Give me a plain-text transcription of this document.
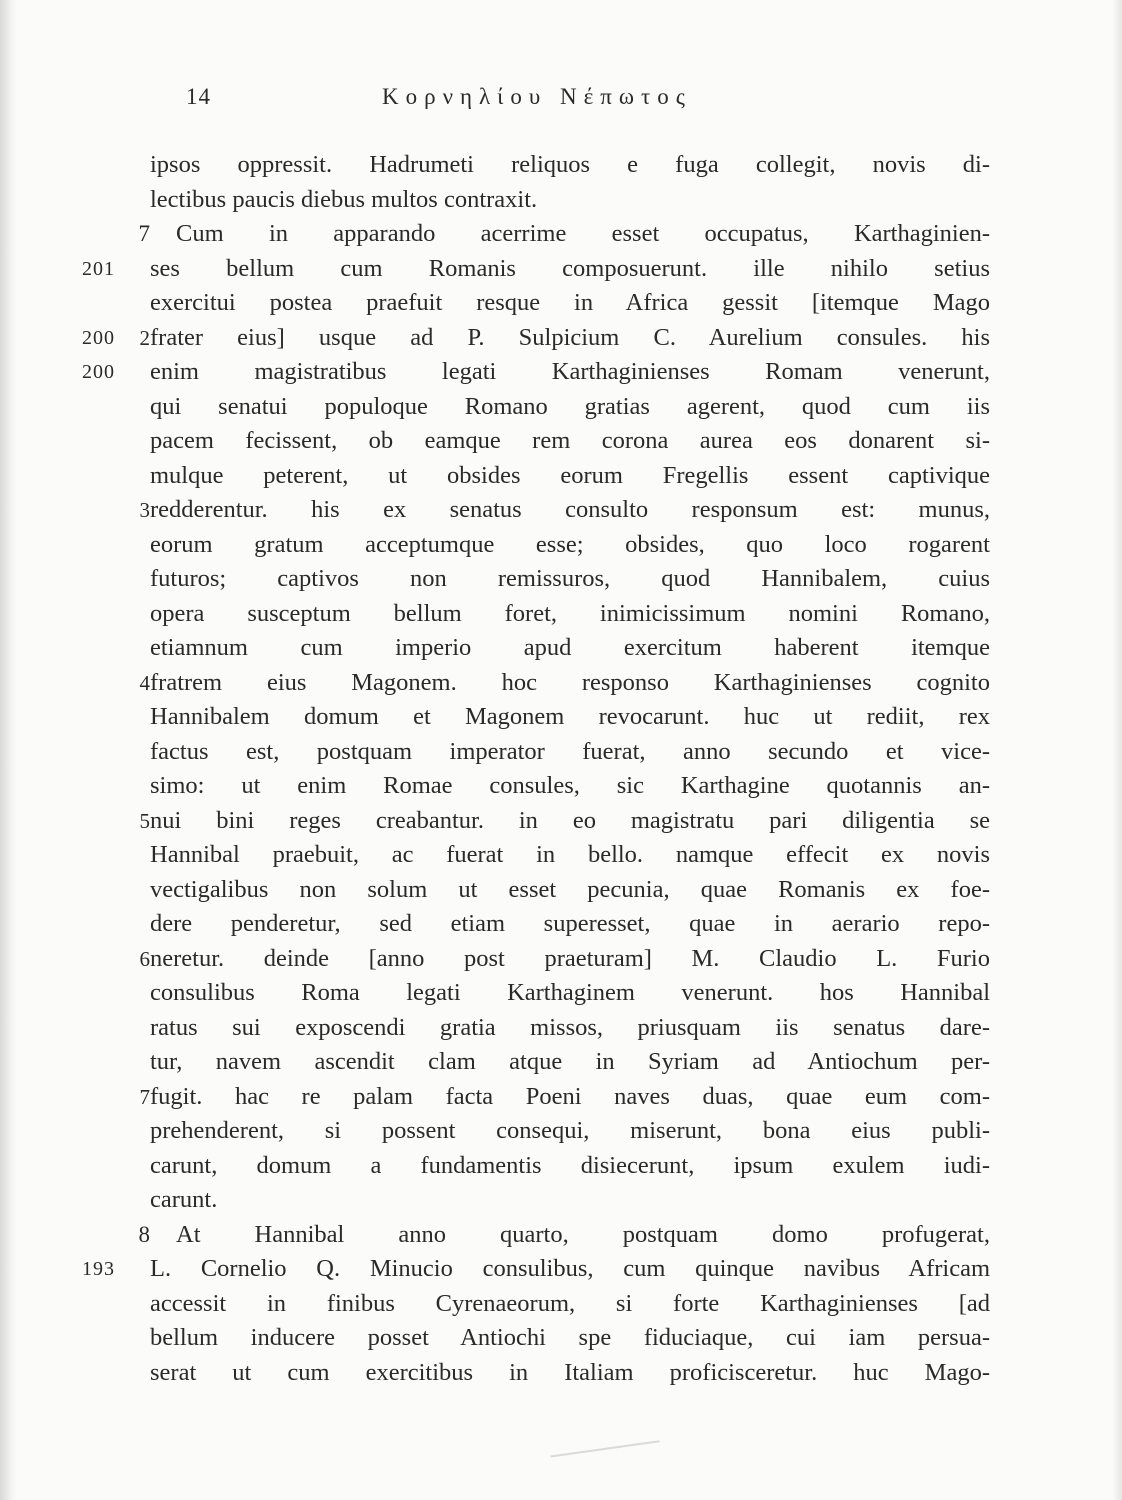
14	Κορνηλίου Νέπωτος
ipsos oppressit. Hadrumeti reliquos e fuga collegit, novis di-
lectibus paucis diebus multos contraxit.
7 Cum in apparando acerrime esset occupatus, Karthaginien-
201	ses bellum cum Romanis composuerunt. ille nihilo setius
exercitui postea praefuit resque in Africa gessit [itemque Mago
200	2 frater eius] usque ad P. Sulpicium C. Aurelium consules. his
200	enim magistratibus legati Karthaginienses Romam venerunt,
qui senatui populoque Romano gratias agerent, quod cum iis
pacem fecissent, ob eamque rem corona aurea eos donarent si-
mulque peterent, ut obsides eorum Fregellis essent captivique
3 redderentur. his ex senatus consulto responsum est: munus,
eorum gratum acceptumque esse; obsides, quo loco rogarent
futuros; captivos non remissuros, quod Hannibalem, cuius
opera susceptum bellum foret, inimicissimum nomini Romano,
etiamnum cum imperio apud exercitum haberent itemque
4 fratrem eius Magonem. hoc responso Karthaginienses cognito
Hannibalem domum et Magonem revocarunt. huc ut rediit, rex
factus est, postquam imperator fuerat, anno secundo et vice-
simo: ut enim Romae consules, sic Karthagine quotannis an-
5 nui bini reges creabantur. in eo magistratu pari diligentia se
Hannibal praebuit, ac fuerat in bello. namque effecit ex novis
vectigalibus non solum ut esset pecunia, quae Romanis ex foe-
dere penderetur, sed etiam superesset, quae in aerario repo-
6 neretur. deinde [anno post praeturam] M. Claudio L. Furio
consulibus Roma legati Karthaginem venerunt. hos Hannibal
ratus sui exposcendi gratia missos, priusquam iis senatus dare-
tur, navem ascendit clam atque in Syriam ad Antiochum per-
7 fugit. hac re palam facta Poeni naves duas, quae eum com-
prehenderent, si possent consequi, miserunt, bona eius publi-
carunt, domum a fundamentis disiecerunt, ipsum exulem iudi-
carunt.
8 At Hannibal anno quarto, postquam domo profugerat,
193	L. Cornelio Q. Minucio consulibus, cum quinque navibus Africam
accessit in finibus Cyrenaeorum, si forte Karthaginienses [ad
bellum inducere posset Antiochi spe fiduciaque, cui iam persua-
serat ut cum exercitibus in Italiam proficisceretur. huc Mago-
